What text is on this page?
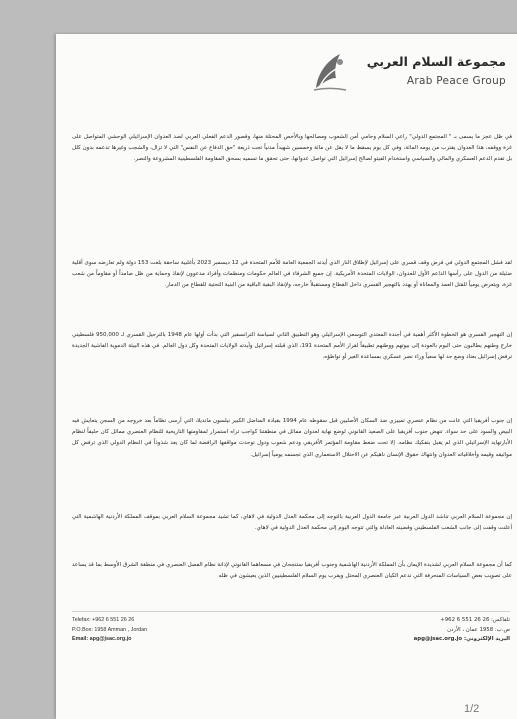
مجموعة السلام العربي
Arab Peace Group

في ظل عجز ما يسمى بـ " المجتمع الدولي" راعي السلام وحامي أمن الشعوب ومصالحها وبالأخص المحتلة منها، وقصور الدعم الفعلي العربي لصد العدوان الإسرائيلي الوحشي المتواصل على غزة ووقفه، هذا العدوان يقترب من يومه المائة، وفي كل يوم يسقط ما لا يقل عن مائة وخمسين شهيداً مدنياً تحت ذريعة "حق الدفاع عن النفس" التي لا تزال، والشجب وغيرها تدعمه بدون كلل بل تقدم الدعم العسكري والمالي والسياسي واستخدام الفيتو لصالح إسرائيل التي تواصل عدوانها، حتى تحقق ما تسميه بسحق المقاومة الفلسطينية المشروعة والنصر.

لقد فشل المجتمع الدولي في فرض وقف قسري على إسرائيل لإطلاق النار الذي أيدته الجمعية العامة للأمم المتحدة في 12 ديسمبر 2023 بأغلبية ساحقة بلغت 153 دولة ولم تعارضه سوى أقلية ضئيلة من الدول على رأسها الداعم الأول للعدوان، الولايات المتحدة الأمريكية. إن جميع الشرفاء في العالم حكومات ومنظمات وأفراد مدعوون لإنقاذ وحماية من ظل صامداً أو مقاوماً من شعب غزة، ويتعرض يومياً للقتل العمد والمعاناة أو يهدد بالتهجير القسري داخل القطاع ومستقبلاً خارجه، ولإنقاذ البقية الباقية من البنية التحتية للقطاع من الدمار.

إن التهجير القسري هو الخطوة الأكثر أهمية في أجندة المعتدي التوسعي الإسرائيلي وهو التطبيق الثاني لسياسة الترانسفير التي بدأت أولها عام 1948 بالترحيل القسري لـ 950,000 فلسطيني خارج وطنهم يطالبون حتى اليوم بالعودة إلى بيوتهم ووطنهم تطبيقاً لقرار الأمم المتحدة 191، الذي قبلته إسرائيل وأيدته الولايات المتحدة وكل دول العالم. في هذه البيئة الدموية الفاشية الجديدة ترفض إسرائيل بعناد وضع حد لها سعياً وراء نصر عسكري بمساعدة الغير أو تواطؤه.

إن جنوب أفريقيا التي عانت من نظام عنصري تمييزي ضد السكان الأصليين قبل سقوطه عام 1994 بقيادة المناضل الكبير نيلسون مانديلا، التي أرسى نظاماً بعد خروجه من السجن يتعايش فيه البيض والسود على حد سواء. تنهض جنوب أفريقيا على الصعيد القانوني لوضع نهاية لعدوان مماثل في منطقتنا كواجب تراه استمرار لمقاومتها التاريخية للنظام العنصري مماثل كان حليفاً لنظام الأبارتهايد الإسرائيلي الذي لم يقبل بتفكيك نظامه. إلا تحت ضغط مقاومة المؤتمر الأفريقي ودعم شعوب ودول توحدت مواقفها الرافضة لما كان يعد شذوذاً في النظام الدولي الذي ترفض كل مواثيقه وقيمه وأخلاقياته العدوان وانتهاك حقوق الإنسان ناهيكم عن الاحتلال الاستعماري الذي تجسمه يومياً إسرائيل.

إن مجموعة السلام العربي تناشد الدول العربية عبر جامعة الدول العربية بالتوجه إلى محكمة العدل الدولية في لاهاي، كما تشيد مجموعة السلام العربي بموقف المملكة الأردنية الهاشمية التي أعلنت وقفت إلى جانب الشعب الفلسطيني وقضيته العادلة والتي تتوجه اليوم إلى محكمة العدل الدولية في لاهاي.

كما أن مجموعة السلام العربي لشديدة الإيمان بأن المملكة الأردنية الهاشمية وجنوب أفريقيا ستنجحان في مسعاهما القانوني لإدانة نظام الفصل العنصري في منطقة الشرق الأوسط بما قد يساعد على تصويب بعض السياسات المنحرفة التي تدعم الكيان العنصري المحتل ويقرب يوم السلام الفلسطينيين الذين يعيشون في ظله

Telefax: +962 6 551 26 26
P.O.Box: 1958 Amman , Jordan
Email: apg@jsac.org.jo
تلفاكس: 26 26 551 6 962+
ص.ب: 1958 عمان ، الأردن
البريد الإلكتروني: apg@jsac.org.jo
1/2
